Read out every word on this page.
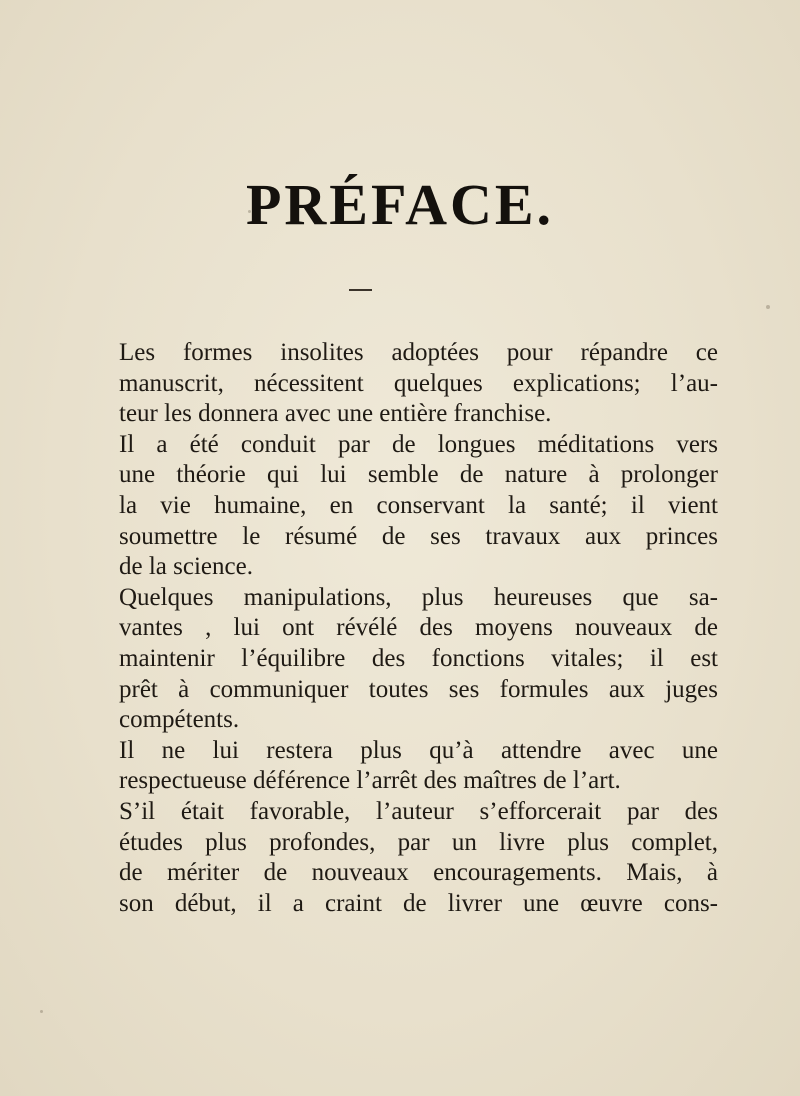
PRÉFACE.

Les formes insolites adoptées pour répandre ce
manuscrit, nécessitent quelques explications; l’au-
teur les donnera avec une entière franchise.

Il a été conduit par de longues méditations vers
une théorie qui lui semble de nature à prolonger
la vie humaine, en conservant la santé; il vient
soumettre le résumé de ses travaux aux princes
de la science.

Quelques manipulations, plus heureuses que sa-
vantes , lui ont révélé des moyens nouveaux de
maintenir l’équilibre des fonctions vitales; il est
prêt à communiquer toutes ses formules aux juges
compétents.

Il ne lui restera plus qu’à attendre avec une
respectueuse déférence l’arrêt des maîtres de l’art.

S’il était favorable, l’auteur s’efforcerait par des
études plus profondes, par un livre plus complet,
de mériter de nouveaux encouragements. Mais, à
son début, il a craint de livrer une œuvre cons-
